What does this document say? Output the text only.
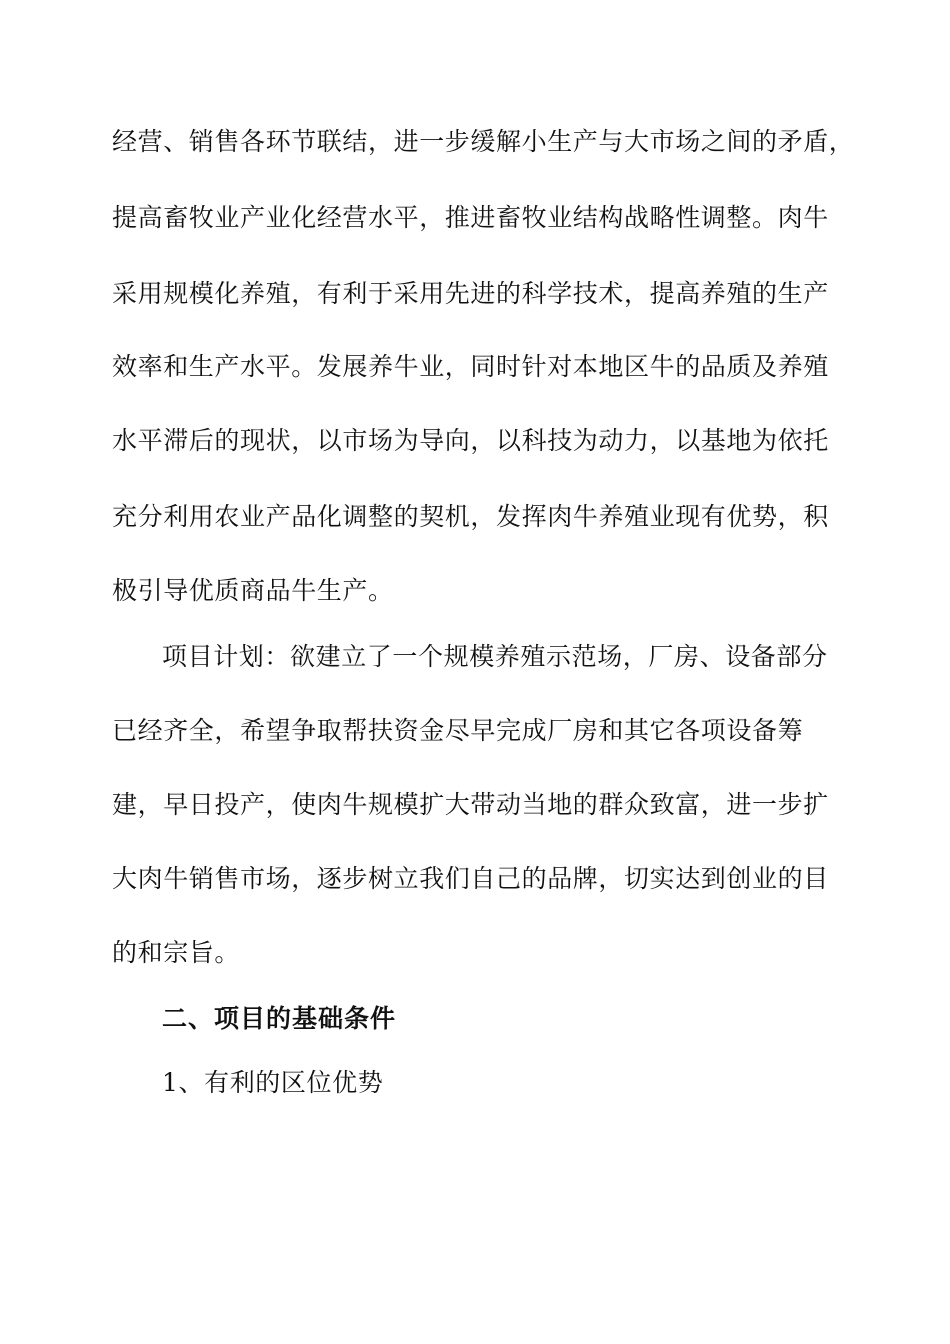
经营、销售各环节联结，进一步缓解小生产与大市场之间的矛盾，
提高畜牧业产业化经营水平，推进畜牧业结构战略性调整。肉牛
采用规模化养殖，有利于采用先进的科学技术，提高养殖的生产
效率和生产水平。发展养牛业，同时针对本地区牛的品质及养殖
水平滞后的现状，以市场为导向，以科技为动力，以基地为依托
充分利用农业产品化调整的契机，发挥肉牛养殖业现有优势，积
极引导优质商品牛生产。
项目计划：欲建立了一个规模养殖示范场，厂房、设备部分
已经齐全，希望争取帮扶资金尽早完成厂房和其它各项设备筹
建，早日投产，使肉牛规模扩大带动当地的群众致富，进一步扩
大肉牛销售市场，逐步树立我们自己的品牌，切实达到创业的目
的和宗旨。
二、项目的基础条件
1、有利的区位优势
